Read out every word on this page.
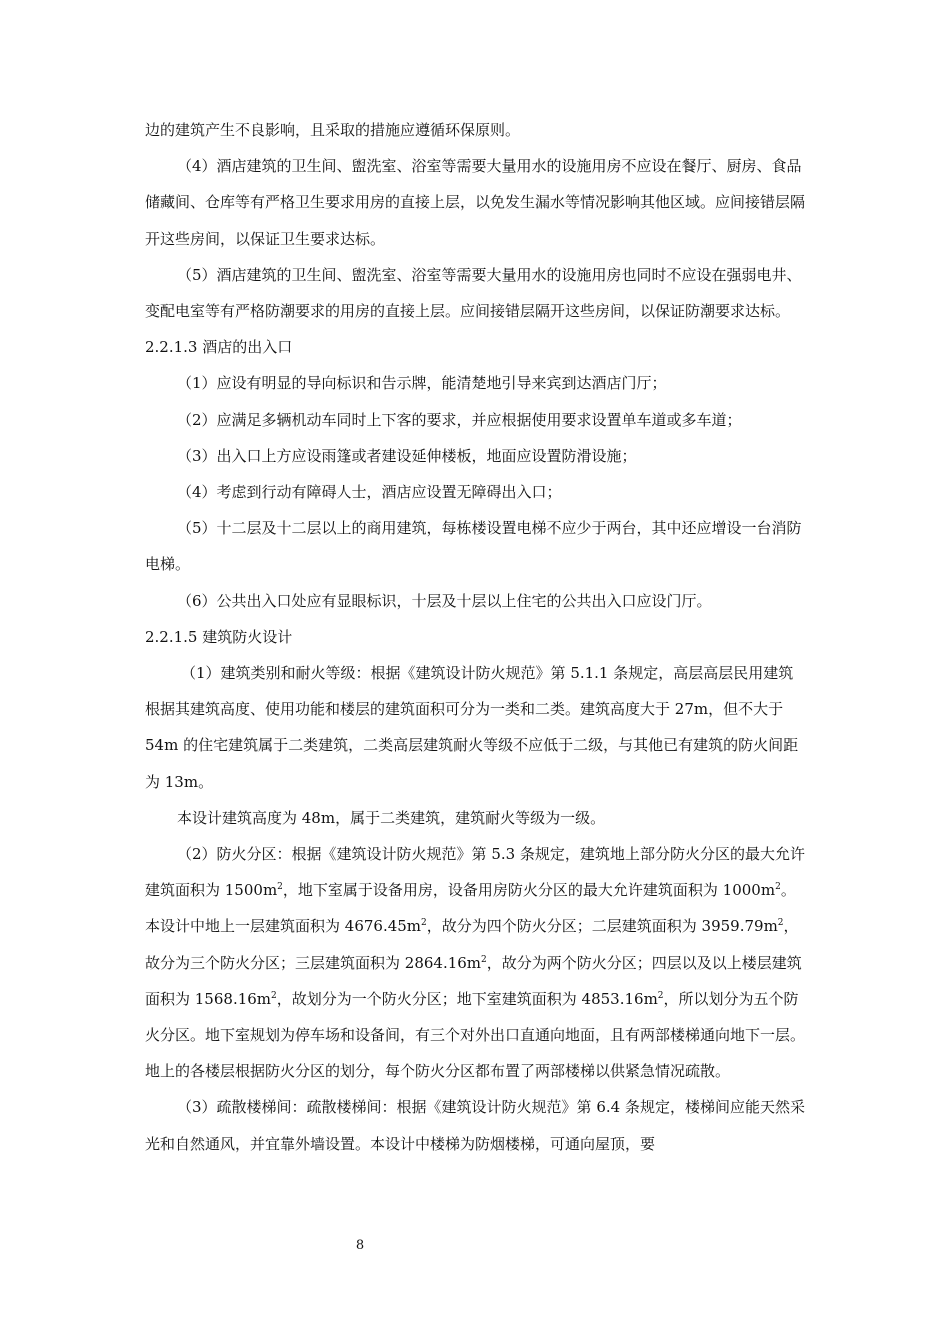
边的建筑产生不良影响，且采取的措施应遵循环保原则。

（4）酒店建筑的卫生间、盥洗室、浴室等需要大量用水的设施用房不应设在餐厅、厨房、食品储藏间、仓库等有严格卫生要求用房的直接上层，以免发生漏水等情况影响其他区域。应间接错层隔开这些房间，以保证卫生要求达标。

（5）酒店建筑的卫生间、盥洗室、浴室等需要大量用水的设施用房也同时不应设在强弱电井、变配电室等有严格防潮要求的用房的直接上层。应间接错层隔开这些房间，以保证防潮要求达标。

2.2.1.3 酒店的出入口

（1）应设有明显的导向标识和告示牌，能清楚地引导来宾到达酒店门厅；

（2）应满足多辆机动车同时上下客的要求，并应根据使用要求设置单车道或多车道；

（3）出入口上方应设雨篷或者建设延伸楼板，地面应设置防滑设施；

（4）考虑到行动有障碍人士，酒店应设置无障碍出入口；

（5）十二层及十二层以上的商用建筑，每栋楼设置电梯不应少于两台，其中还应增设一台消防电梯。

（6）公共出入口处应有显眼标识，十层及十层以上住宅的公共出入口应设门厅。

2.2.1.5 建筑防火设计

（1）建筑类别和耐火等级：根据《建筑设计防火规范》第 5.1.1 条规定，高层高层民用建筑根据其建筑高度、使用功能和楼层的建筑面积可分为一类和二类。建筑高度大于 27m，但不大于 54m 的住宅建筑属于二类建筑，二类高层建筑耐火等级不应低于二级，与其他已有建筑的防火间距为 13m。

本设计建筑高度为 48m，属于二类建筑，建筑耐火等级为一级。

（2）防火分区：根据《建筑设计防火规范》第 5.3 条规定，建筑地上部分防火分区的最大允许建筑面积为 $1500m^2$，地下室属于设备用房，设备用房防火分区的最大允许建筑面积为 $1000m^2$。本设计中地上一层建筑面积为 $4676.45m^2$，故分为四个防火分区；二层建筑面积为 $3959.79m^2$，故分为三个防火分区；三层建筑面积为 $2864.16m^2$，故分为两个防火分区；四层以及以上楼层建筑面积为 $1568.16m^2$，故划分为一个防火分区；地下室建筑面积为 $4853.16m^2$，所以划分为五个防火分区。地下室规划为停车场和设备间，有三个对外出口直通向地面，且有两部楼梯通向地下一层。地上的各楼层根据防火分区的划分，每个防火分区都布置了两部楼梯以供紧急情况疏散。

（3）疏散楼梯间：疏散楼梯间：根据《建筑设计防火规范》第 6.4 条规定，楼梯间应能天然采光和自然通风，并宜靠外墙设置。本设计中楼梯为防烟楼梯，可通向屋顶，要

8
